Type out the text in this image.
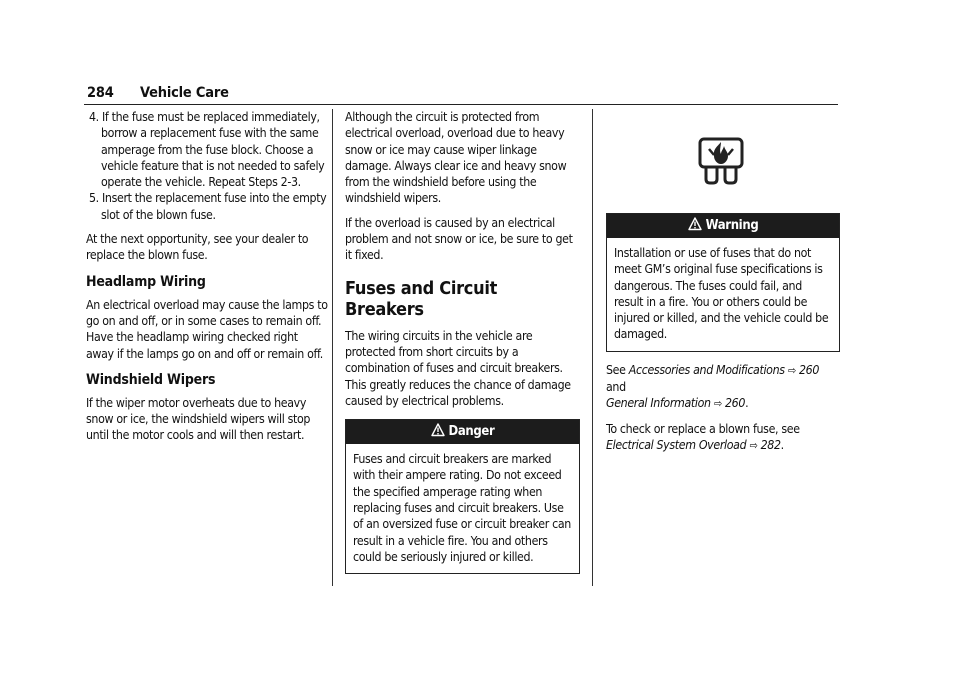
284 Vehicle Care

4. If the fuse must be replaced immediately, borrow a replacement fuse with the same amperage from the fuse block. Choose a vehicle feature that is not needed to safely operate the vehicle. Repeat Steps 2-3.

5. Insert the replacement fuse into the empty slot of the blown fuse.

At the next opportunity, see your dealer to replace the blown fuse.

Headlamp Wiring

An electrical overload may cause the lamps to go on and off, or in some cases to remain off. Have the headlamp wiring checked right away if the lamps go on and off or remain off.

Windshield Wipers

If the wiper motor overheats due to heavy snow or ice, the windshield wipers will stop until the motor cools and will then restart.

Although the circuit is protected from electrical overload, overload due to heavy snow or ice may cause wiper linkage damage. Always clear ice and heavy snow from the windshield before using the windshield wipers.

If the overload is caused by an electrical problem and not snow or ice, be sure to get it fixed.

Fuses and Circuit Breakers

The wiring circuits in the vehicle are protected from short circuits by a combination of fuses and circuit breakers. This greatly reduces the chance of damage caused by electrical problems.

Danger
Fuses and circuit breakers are marked with their ampere rating. Do not exceed the specified amperage rating when replacing fuses and circuit breakers. Use of an oversized fuse or circuit breaker can result in a vehicle fire. You and others could be seriously injured or killed.
Warning
Installation or use of fuses that do not meet GM’s original fuse specifications is dangerous. The fuses could fail, and result in a fire. You or others could be injured or killed, and the vehicle could be damaged.

See Accessories and Modifications ⇨ 260 and
General Information ⇨ 260.

To check or replace a blown fuse, see
Electrical System Overload ⇨ 282.
